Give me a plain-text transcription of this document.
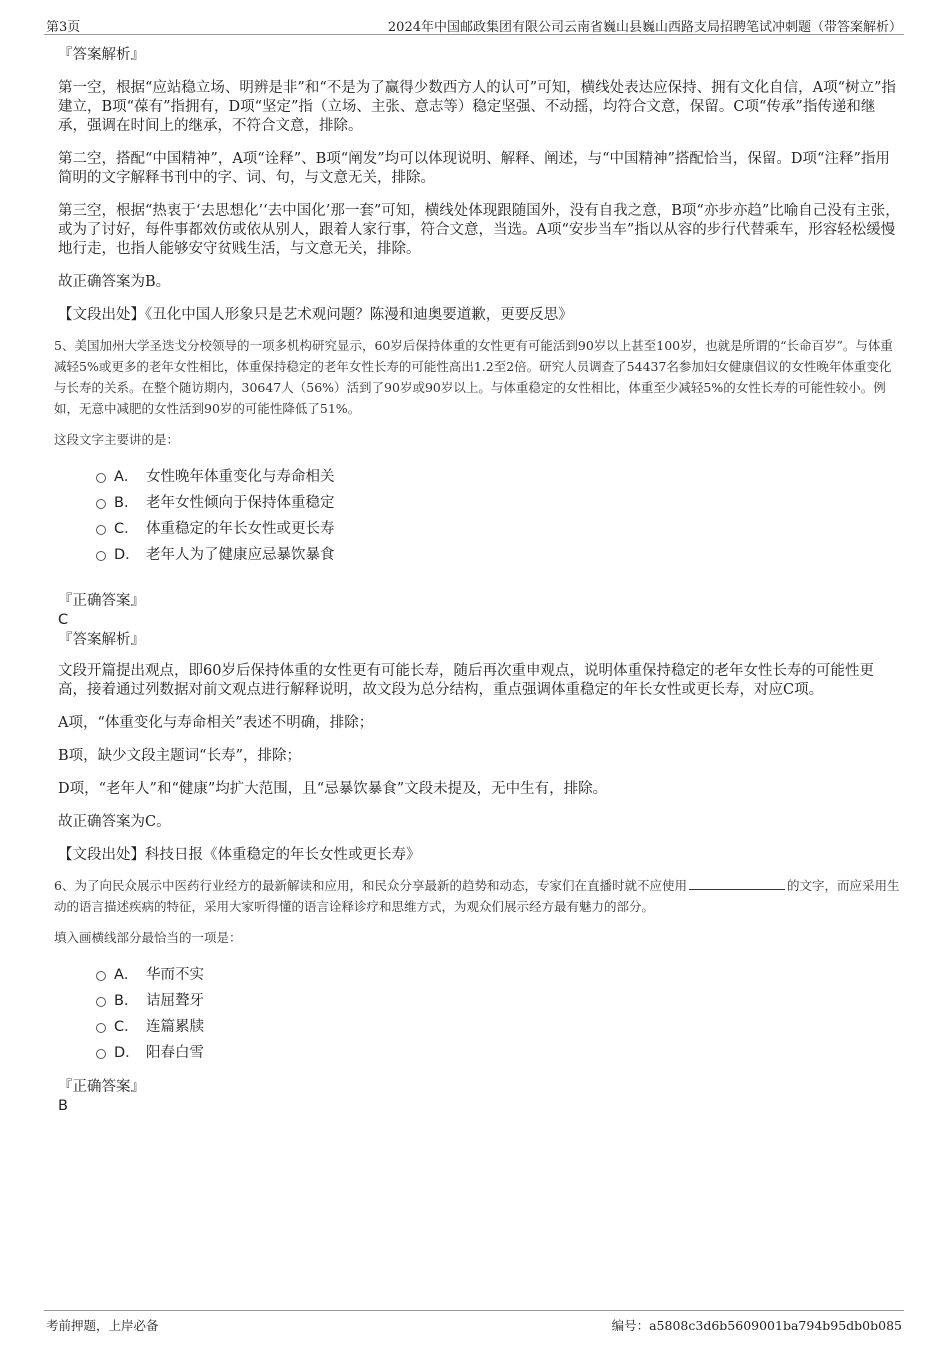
第3页	2024年中国邮政集团有限公司云南省巍山县巍山西路支局招聘笔试冲刺题（带答案解析）
『答案解析』

第一空，根据“应站稳立场、明辨是非”和“不是为了赢得少数西方人的认可”可知，横线处表达应保持、拥有文化自信，A项“树立”指建立，B项“葆有”指拥有，D项“坚定”指（立场、主张、意志等）稳定坚强、不动摇，均符合文意，保留。C项“传承”指传递和继承，强调在时间上的继承，不符合文意，排除。

第二空，搭配“中国精神”，A项“诠释”、B项“阐发”均可以体现说明、解释、阐述，与“中国精神”搭配恰当，保留。D项“注释”指用简明的文字解释书刊中的字、词、句，与文意无关，排除。

第三空，根据“热衷于‘去思想化’‘去中国化’那一套”可知，横线处体现跟随国外，没有自我之意，B项“亦步亦趋”比喻自己没有主张，或为了讨好，每件事都效仿或依从别人，跟着人家行事，符合文意，当选。A项“安步当车”指以从容的步行代替乘车，形容轻松缓慢地行走，也指人能够安守贫贱生活，与文意无关，排除。

故正确答案为B。

【文段出处】《丑化中国人形象只是艺术观问题？陈漫和迪奥要道歉，更要反思》

5、美国加州大学圣迭戈分校领导的一项多机构研究显示，60岁后保持体重的女性更有可能活到90岁以上甚至100岁，也就是所谓的“长命百岁”。与体重减轻5%或更多的老年女性相比，体重保持稳定的老年女性长寿的可能性高出1.2至2倍。研究人员调查了54437名参加妇女健康倡议的女性晚年体重变化与长寿的关系。在整个随访期内，30647人（56%）活到了90岁或90岁以上。与体重稳定的女性相比，体重至少减轻5%的女性长寿的可能性较小。例如，无意中减肥的女性活到90岁的可能性降低了51%。

这段文字主要讲的是：

A． 女性晚年体重变化与寿命相关
B． 老年女性倾向于保持体重稳定
C． 体重稳定的年长女性或更长寿
D． 老年人为了健康应忌暴饮暴食
『正确答案』
C
『答案解析』

文段开篇提出观点，即60岁后保持体重的女性更有可能长寿，随后再次重申观点，说明体重保持稳定的老年女性长寿的可能性更高，接着通过列数据对前文观点进行解释说明，故文段为总分结构，重点强调体重稳定的年长女性或更长寿，对应C项。

A项，“体重变化与寿命相关”表述不明确，排除；

B项，缺少文段主题词“长寿”，排除；

D项，“老年人”和“健康”均扩大范围，且“忌暴饮暴食”文段未提及，无中生有，排除。

故正确答案为C。

【文段出处】科技日报《体重稳定的年长女性或更长寿》

6、为了向民众展示中医药行业经方的最新解读和应用，和民众分享最新的趋势和动态，专家们在直播时就不应使用	的文字，而应采用生动的语言描述疾病的特征，采用大家听得懂的语言诠释诊疗和思维方式，为观众们展示经方最有魅力的部分。

填入画横线部分最恰当的一项是：

A． 华而不实
B． 诘屈聱牙
C． 连篇累牍
D． 阳春白雪
『正确答案』
B
考前押题，上岸必备	编号：a5808c3d6b5609001ba794b95db0b085
